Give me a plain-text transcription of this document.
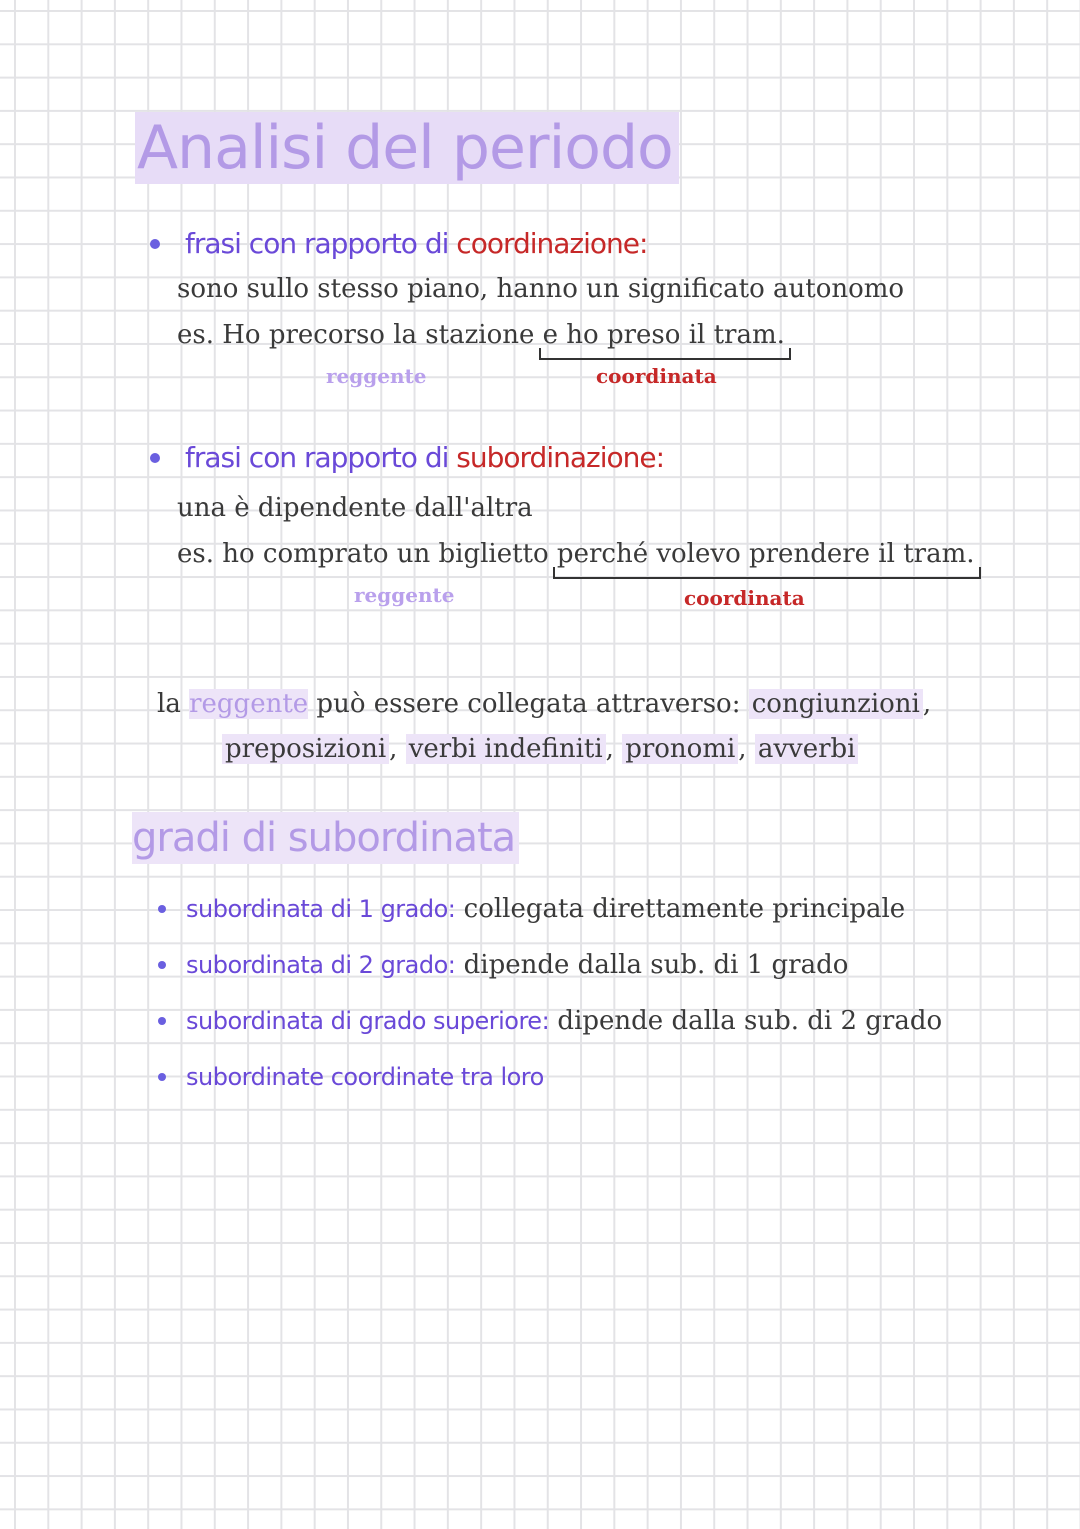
Analisi del periodo
frasi con rapporto di coordinazione:
sono sullo stesso piano, hanno un significato autonomo
es. Ho precorso la stazione e ho preso il tram.
reggente	coordinata
frasi con rapporto di subordinazione:
una è dipendente dall'altra
es. ho comprato un biglietto perché volevo prendere il tram.
reggente	coordinata
la reggente può essere collegata attraverso: congiunzioni ,
preposizioni , verbi indefiniti , pronomi , avverbi
gradi di subordinata
subordinata di 1 grado: collegata direttamente principale
subordinata di 2 grado: dipende dalla sub. di 1 grado
subordinata di grado superiore: dipende dalla sub. di 2 grado
subordinate coordinate tra loro
